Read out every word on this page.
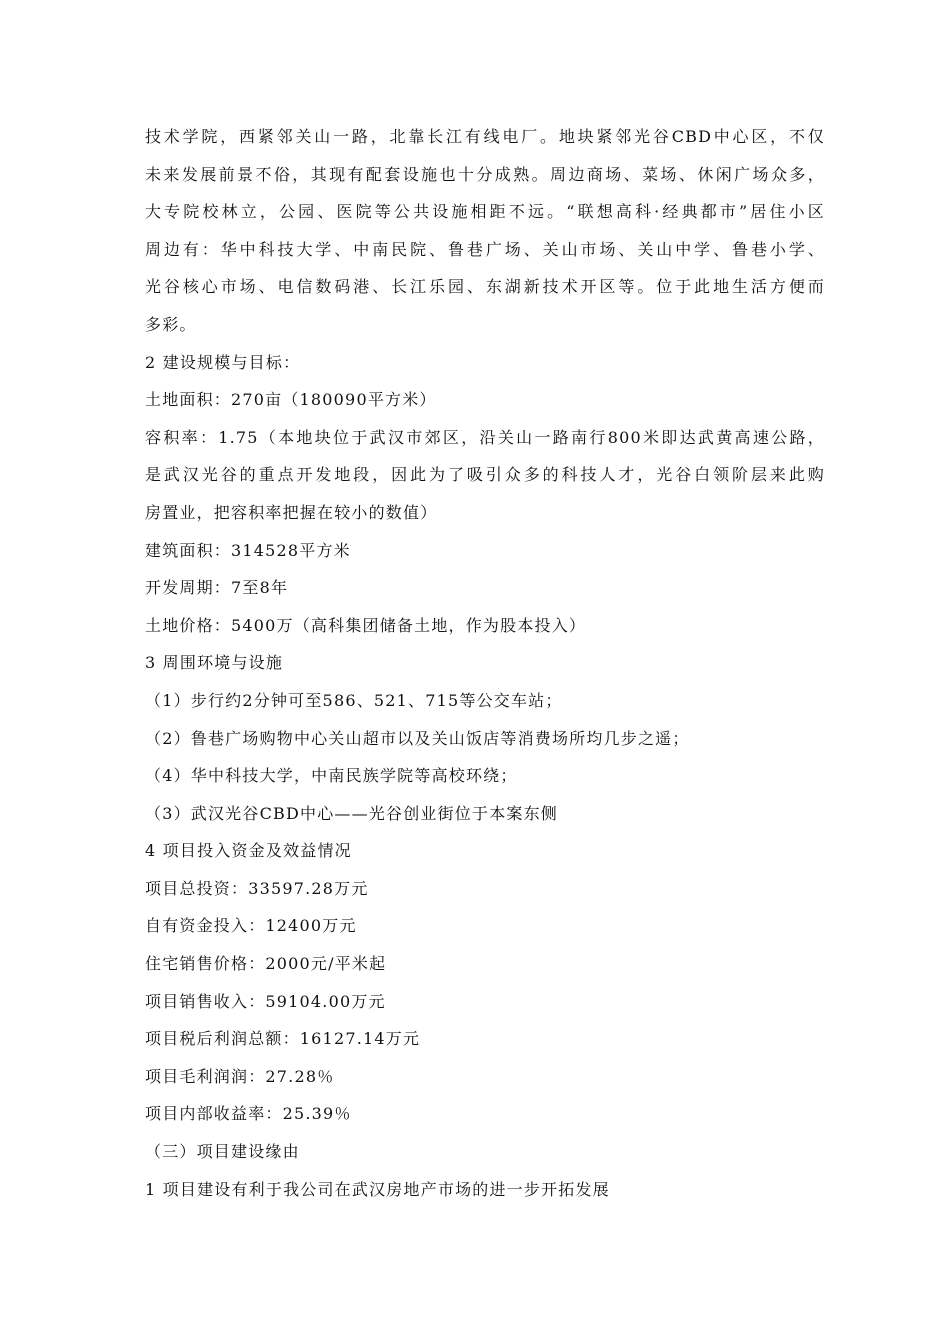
技术学院，西紧邻关山一路，北靠长江有线电厂。地块紧邻光谷CBD中心区，不仅

未来发展前景不俗，其现有配套设施也十分成熟。周边商场、菜场、休闲广场众多，

大专院校林立，公园、医院等公共设施相距不远。“联想高科·经典都市”居住小区

周边有：华中科技大学、中南民院、鲁巷广场、关山市场、关山中学、鲁巷小学、

光谷核心市场、电信数码港、长江乐园、东湖新技术开区等。位于此地生活方便而

多彩。

2 建设规模与目标：

土地面积：270亩（180090平方米）

容积率：1.75（本地块位于武汉市郊区，沿关山一路南行800米即达武黄高速公路，

是武汉光谷的重点开发地段，因此为了吸引众多的科技人才，光谷白领阶层来此购

房置业，把容积率把握在较小的数值）

建筑面积：314528平方米

开发周期：7至8年

土地价格：5400万（高科集团储备土地，作为股本投入）

3 周围环境与设施

（1）步行约2分钟可至586、521、715等公交车站；

（2）鲁巷广场购物中心关山超市以及关山饭店等消费场所均几步之遥；

（4）华中科技大学，中南民族学院等高校环绕；

（3）武汉光谷CBD中心——光谷创业街位于本案东侧

4 项目投入资金及效益情况

项目总投资：33597.28万元

自有资金投入：12400万元

住宅销售价格：2000元/平米起

项目销售收入：59104.00万元

项目税后利润总额：16127.14万元

项目毛利润润：27.28％

项目内部收益率：25.39％

（三）项目建设缘由

1 项目建设有利于我公司在武汉房地产市场的进一步开拓发展
